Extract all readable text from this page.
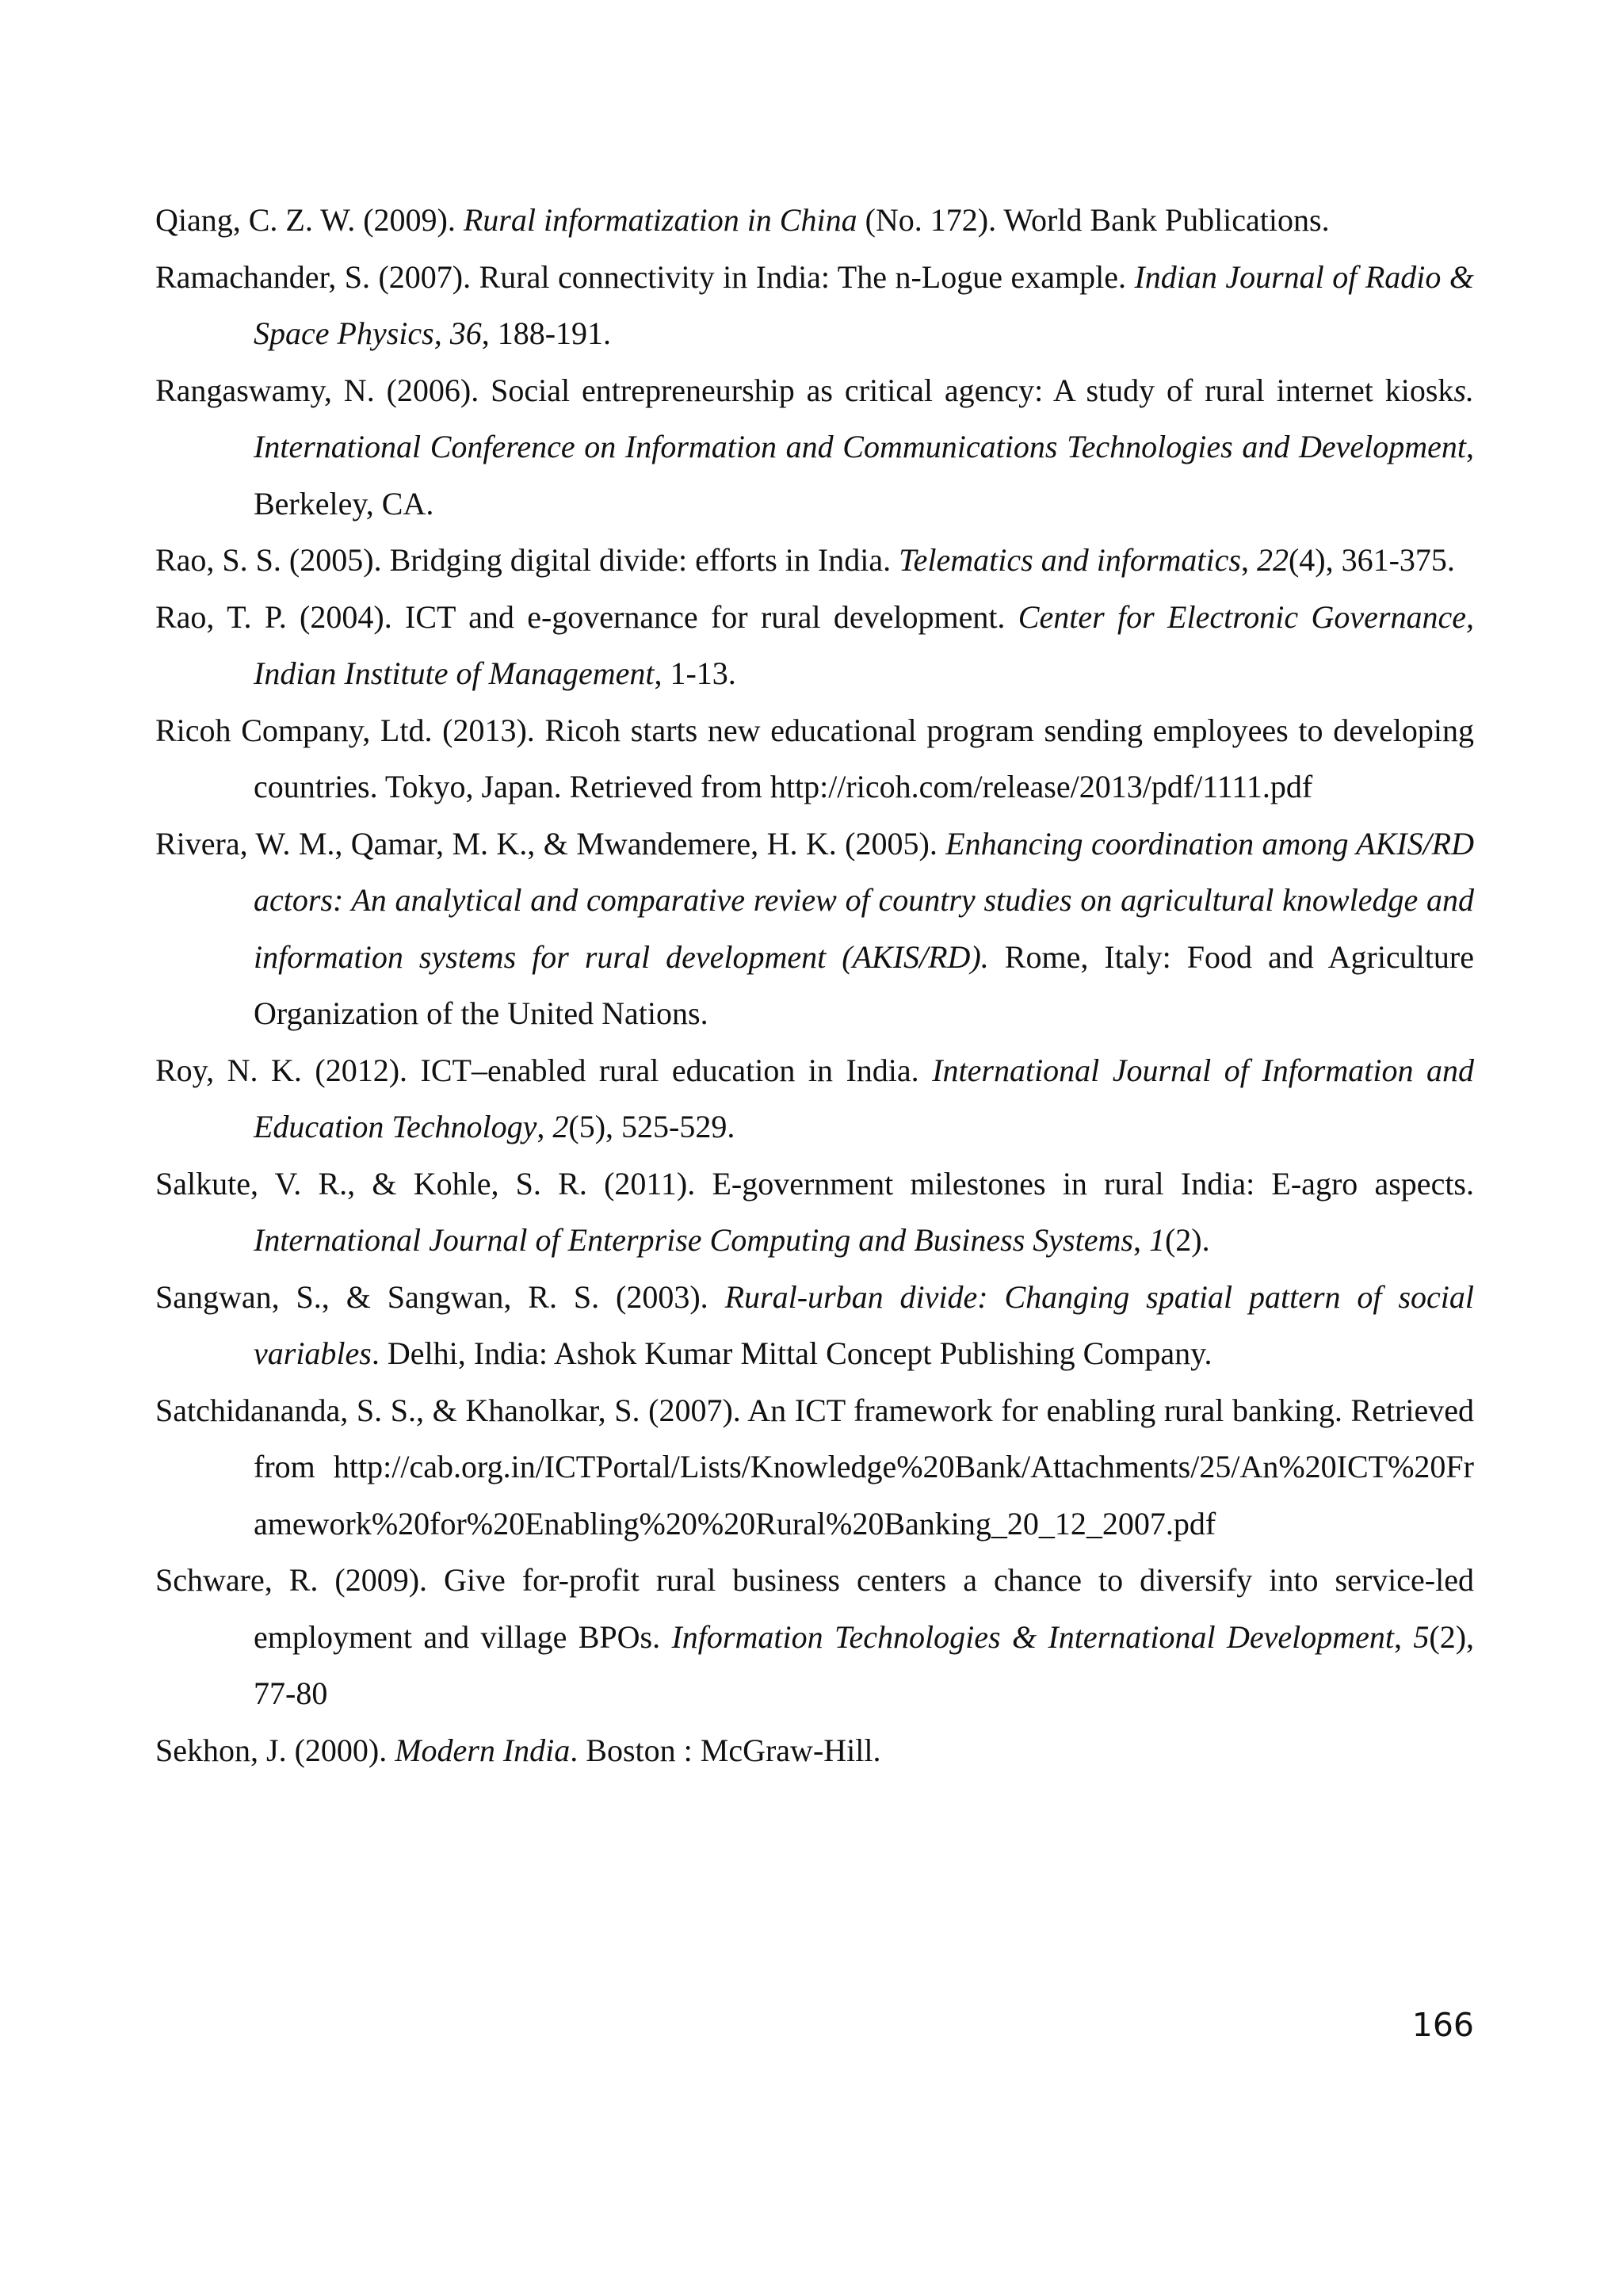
Qiang, C. Z. W. (2009). Rural informatization in China (No. 172). World Bank Publications.
Ramachander, S. (2007). Rural connectivity in India: The n-Logue example. Indian Journal of Radio & Space Physics, 36, 188-191.
Rangaswamy, N. (2006). Social entrepreneurship as critical agency: A study of rural internet kiosks. International Conference on Information and Communications Technologies and Development, Berkeley, CA.
Rao, S. S. (2005). Bridging digital divide: efforts in India. Telematics and informatics, 22(4), 361-375.
Rao, T. P. (2004). ICT and e-governance for rural development. Center for Electronic Governance, Indian Institute of Management, 1-13.
Ricoh Company, Ltd. (2013). Ricoh starts new educational program sending employees to developing countries. Tokyo, Japan. Retrieved from http://ricoh.com/release/2013/pdf/1111.pdf
Rivera, W. M., Qamar, M. K., & Mwandemere, H. K. (2005). Enhancing coordination among AKIS/RD actors: An analytical and comparative review of country studies on agricultural knowledge and information systems for rural development (AKIS/RD). Rome, Italy: Food and Agriculture Organization of the United Nations.
Roy, N. K. (2012). ICT–enabled rural education in India. International Journal of Information and Education Technology, 2(5), 525-529.
Salkute, V. R., & Kohle, S. R. (2011). E-government milestones in rural India: E-agro aspects. International Journal of Enterprise Computing and Business Systems, 1(2).
Sangwan, S., & Sangwan, R. S. (2003). Rural-urban divide: Changing spatial pattern of social variables. Delhi, India: Ashok Kumar Mittal Concept Publishing Company.
Satchidananda, S. S., & Khanolkar, S. (2007). An ICT framework for enabling rural banking. Retrieved from http://cab.org.in/ICTPortal/Lists/Knowledge%20Bank/Attachments/25/An%20ICT%20Framework%20for%20Enabling%20%20Rural%20Banking_20_12_2007.pdf
Schware, R. (2009). Give for-profit rural business centers a chance to diversify into service-led employment and village BPOs. Information Technologies & International Development, 5(2), 77-80
Sekhon, J. (2000). Modern India. Boston : McGraw-Hill.
166
